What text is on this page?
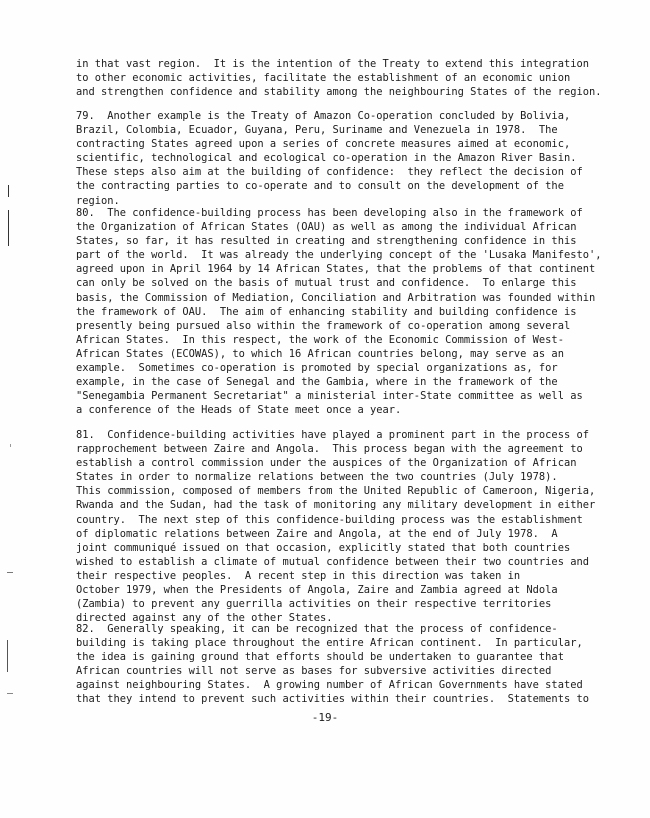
in that vast region.  It is the intention of the Treaty to extend this integration
to other economic activities, facilitate the establishment of an economic union
and strengthen confidence and stability among the neighbouring States of the region.
79.  Another example is the Treaty of Amazon Co-operation concluded by Bolivia,
Brazil, Colombia, Ecuador, Guyana, Peru, Suriname and Venezuela in 1978.  The
contracting States agreed upon a series of concrete measures aimed at economic,
scientific, technological and ecological co-operation in the Amazon River Basin.
These steps also aim at the building of confidence:  they reflect the decision of
the contracting parties to co-operate and to consult on the development of the
region.
80.  The confidence-building process has been developing also in the framework of
the Organization of African States (OAU) as well as among the individual African
States, so far, it has resulted in creating and strengthening confidence in this
part of the world.  It was already the underlying concept of the 'Lusaka Manifesto',
agreed upon in April 1964 by 14 African States, that the problems of that continent
can only be solved on the basis of mutual trust and confidence.  To enlarge this
basis, the Commission of Mediation, Conciliation and Arbitration was founded within
the framework of OAU.  The aim of enhancing stability and building confidence is
presently being pursued also within the framework of co-operation among several
African States.  In this respect, the work of the Economic Commission of West-
African States (ECOWAS), to which 16 African countries belong, may serve as an
example.  Sometimes co-operation is promoted by special organizations as, for
example, in the case of Senegal and the Gambia, where in the framework of the
"Senegambia Permanent Secretariat" a ministerial inter-State committee as well as
a conference of the Heads of State meet once a year.
81.  Confidence-building activities have played a prominent part in the process of
rapprochement between Zaire and Angola.  This process began with the agreement to
establish a control commission under the auspices of the Organization of African
States in order to normalize relations between the two countries (July 1978).
This commission, composed of members from the United Republic of Cameroon, Nigeria,
Rwanda and the Sudan, had the task of monitoring any military development in either
country.  The next step of this confidence-building process was the establishment
of diplomatic relations between Zaire and Angola, at the end of July 1978.  A
joint communiqué issued on that occasion, explicitly stated that both countries
wished to establish a climate of mutual confidence between their two countries and
their respective peoples.  A recent step in this direction was taken in
October 1979, when the Presidents of Angola, Zaire and Zambia agreed at Ndola
(Zambia) to prevent any guerrilla activities on their respective territories
directed against any of the other States.
82.  Generally speaking, it can be recognized that the process of confidence-
building is taking place throughout the entire African continent.  In particular,
the idea is gaining ground that efforts should be undertaken to guarantee that
African countries will not serve as bases for subversive activities directed
against neighbouring States.  A growing number of African Governments have stated
that they intend to prevent such activities within their countries.  Statements to
-19-
